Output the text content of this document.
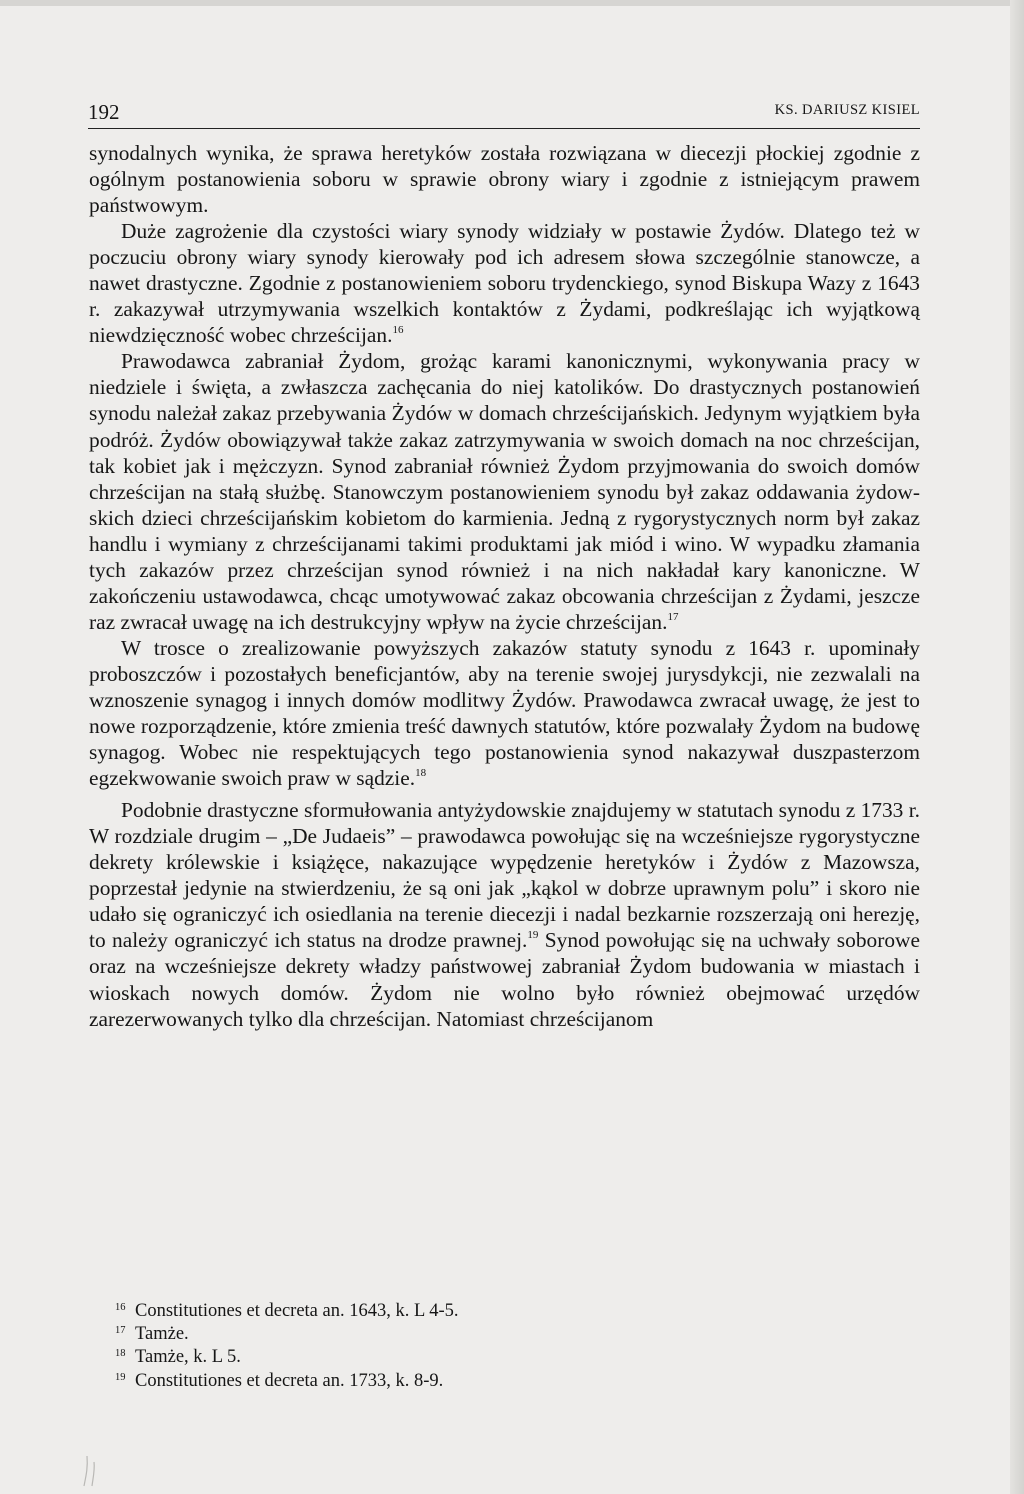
192	KS. DARIUSZ KISIEL

synodalnych wynika, że sprawa heretyków została rozwiązana w diecezji płockiej zgodnie z ogólnym postanowienia soboru w sprawie obrony wiary i zgodnie z istniejącym prawem państwowym.

Duże zagrożenie dla czystości wiary synody widziały w postawie Żydów. Dlatego też w poczuciu obrony wiary synody kierowały pod ich adresem słowa szczególnie stanowcze, a nawet drastyczne. Zgodnie z postanowieniem soboru trydenckiego, synod Biskupa Wazy z 1643 r. zakazywał utrzymywania wszelkich kontaktów z Żydami, podkreślając ich wyjątkową niewdzięczność wobec chrześcijan.$^{16}$

Prawodawca zabraniał Żydom, grożąc karami kanonicznymi, wykonywania pracy w niedziele i święta, a zwłaszcza zachęcania do niej katolików. Do drastycznych postanowień synodu należał zakaz przebywania Żydów w domach chrześcijańskich. Jedynym wyjątkiem była podróż. Żydów obowiązywał także zakaz zatrzymywania w swoich domach na noc chrześcijan, tak kobiet jak i mężczyzn. Synod zabraniał również Żydom przyjmowania do swoich domów chrześcijan na stałą służbę. Stanowczym postanowieniem synodu był zakaz oddawania żydowskich dzieci chrześcijańskim kobietom do karmienia. Jedną z rygorystycznych norm był zakaz handlu i wymiany z chrześcijanami takimi produktami jak miód i wino. W wypadku złamania tych zakazów przez chrześcijan synod również i na nich nakładał kary kanoniczne. W zakończeniu ustawodawca, chcąc umotywować zakaz obcowania chrześcijan z Żydami, jeszcze raz zwracał uwagę na ich destrukcyjny wpływ na życie chrześcijan.$^{17}$

W trosce o zrealizowanie powyższych zakazów statuty synodu z 1643 r. upominały proboszczów i pozostałych beneficjantów, aby na terenie swojej jurysdykcji, nie zezwalali na wznoszenie synagog i innych domów modlitwy Żydów. Prawodawca zwracał uwagę, że jest to nowe rozporządzenie, które zmienia treść dawnych statutów, które pozwalały Żydom na budowę synagog. Wobec nie respektujących tego postanowienia synod nakazywał duszpasterzom egzekwowanie swoich praw w sądzie.$^{18}$

Podobnie drastyczne sformułowania antyżydowskie znajdujemy w statutach synodu z 1733 r. W rozdziale drugim – „De Judaeis” – prawodawca powołując się na wcześniejsze rygorystyczne dekrety królewskie i książęce, nakazujące wypędzenie heretyków i Żydów z Mazowsza, poprzestał jedynie na stwierdzeniu, że są oni jak „kąkol w dobrze uprawnym polu” i skoro nie udało się ograniczyć ich osiedlania na terenie diecezji i nadal bezkarnie rozszerzają oni herezję, to należy ograniczyć ich status na drodze prawnej.$^{19}$ Synod powołując się na uchwały soborowe oraz na wcześniejsze dekrety władzy państwowej zabraniał Żydom budowania w miastach i wioskach nowych domów. Żydom nie wolno było również obejmować urzędów zarezerwowanych tylko dla chrześcijan. Natomiast chrześcijanom

16 Constitutiones et decreta an. 1643, k. L 4-5.
17 Tamże.
18 Tamże, k. L 5.
19 Constitutiones et decreta an. 1733, k. 8-9.
